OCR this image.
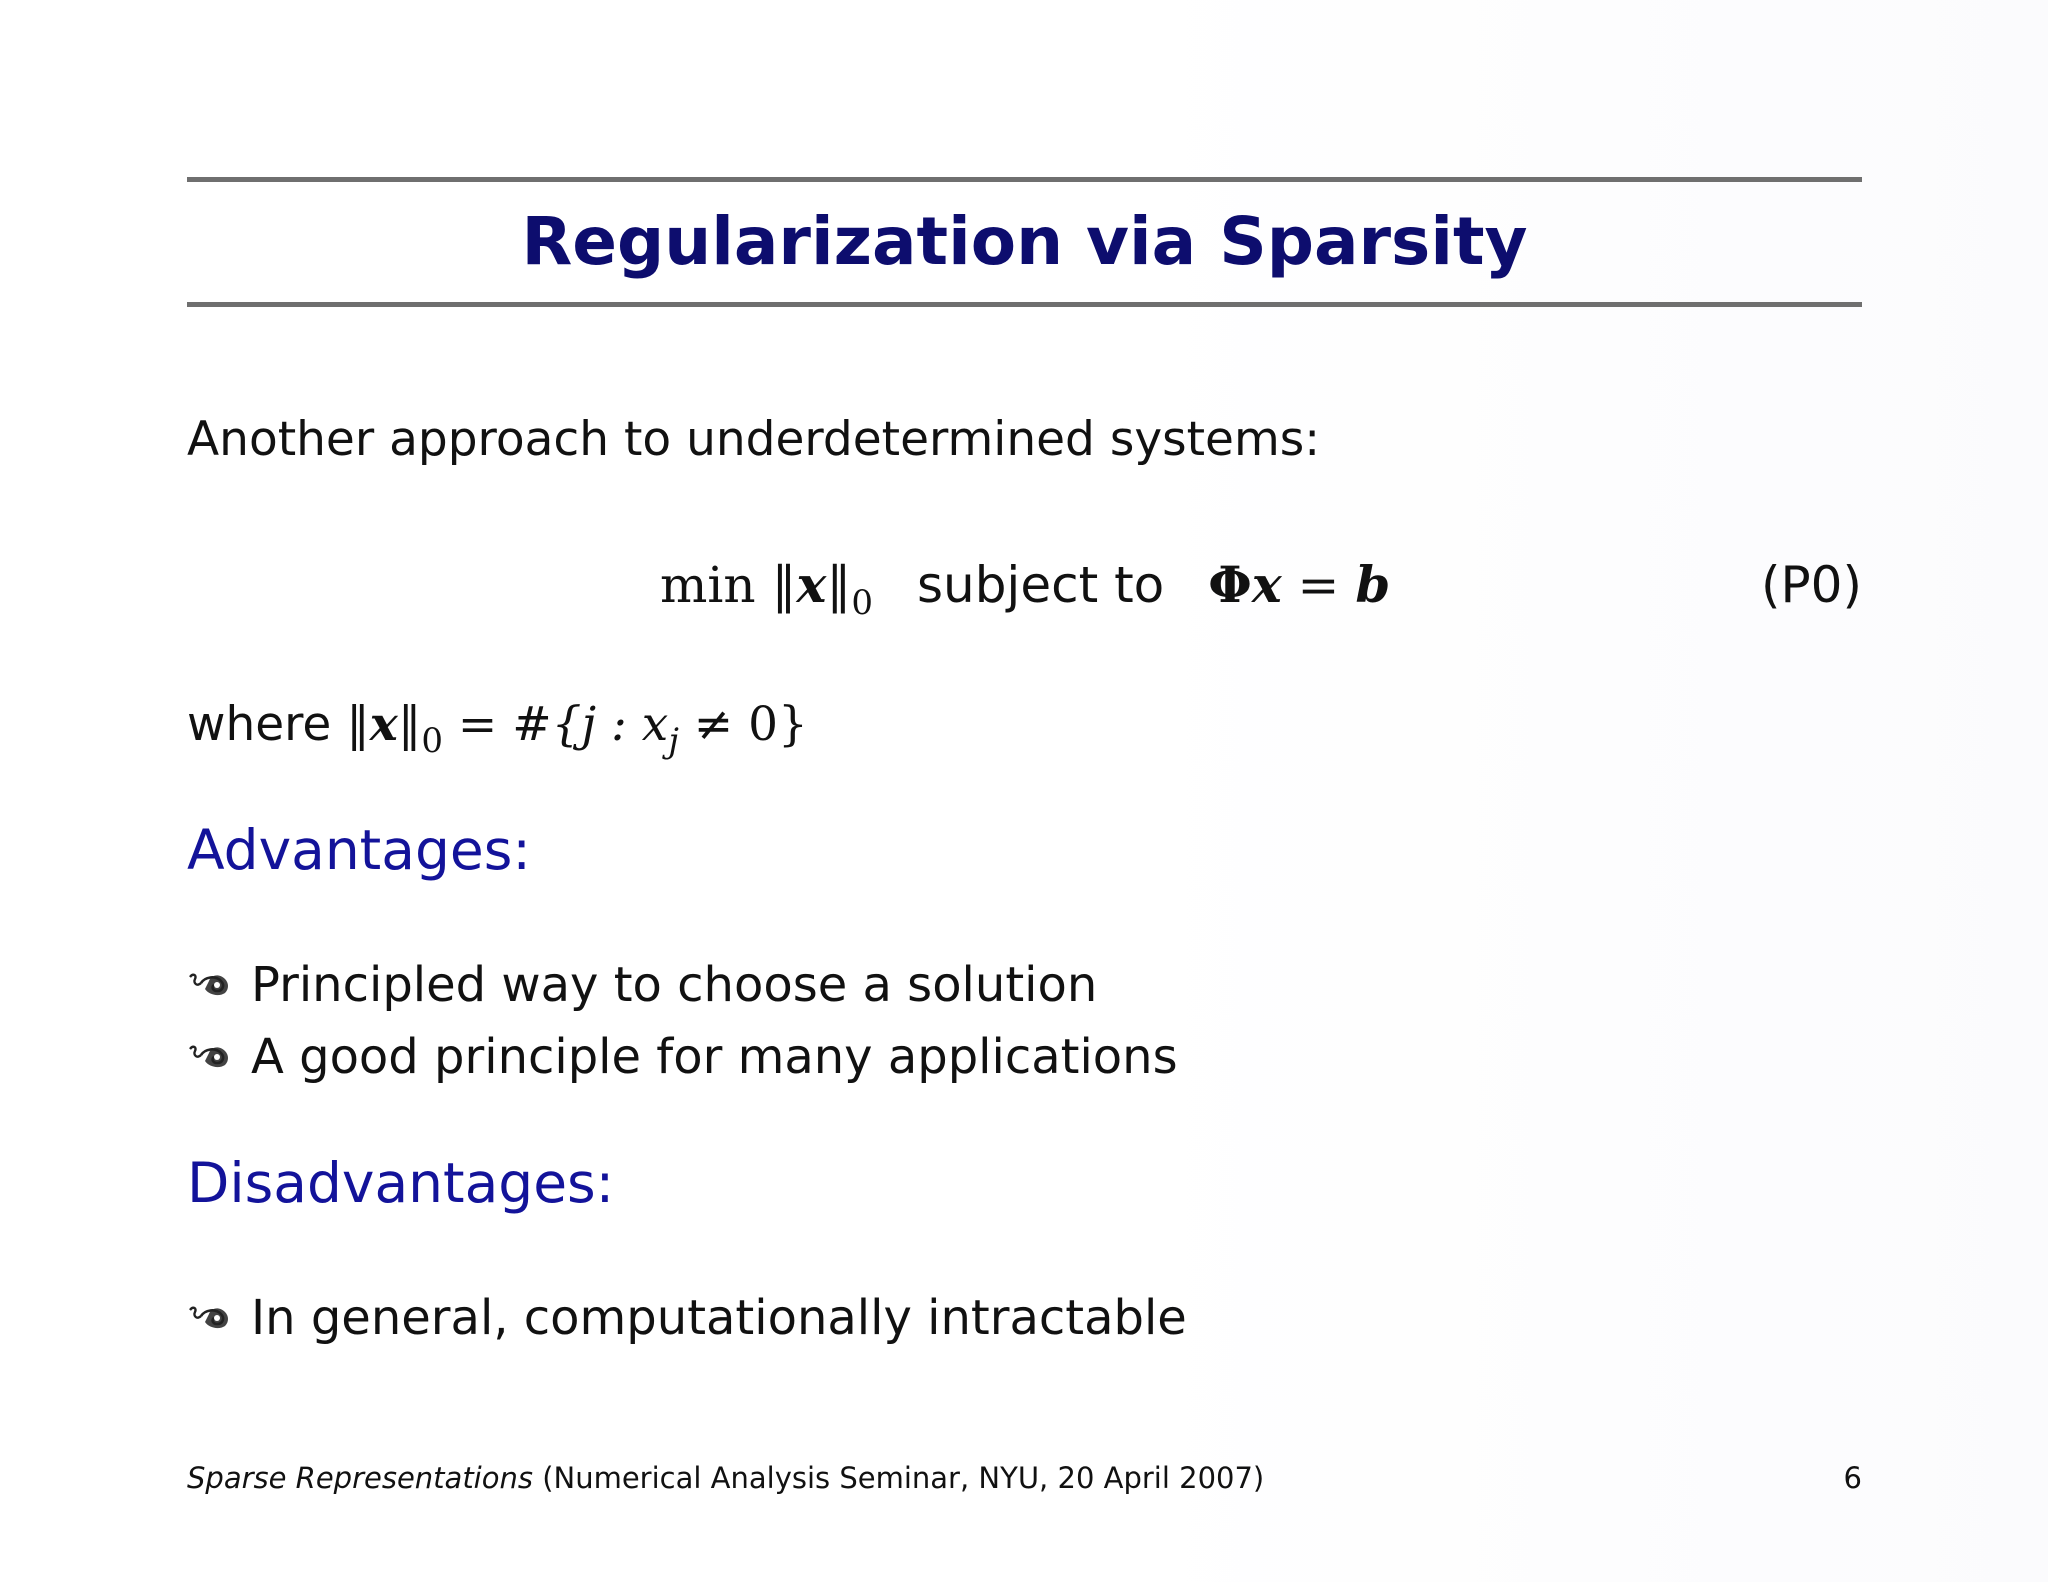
Regularization via Sparsity
Another approach to underdetermined systems:
$\min ‖x‖_0$ subject to Φx = b	(P0)
where $‖x‖_0$ = #{j : $x_j \ne 0$}
Advantages:
Principled way to choose a solution
A good principle for many applications
Disadvantages:
In general, computationally intractable
Sparse Representations (Numerical Analysis Seminar, NYU, 20 April 2007)	6
